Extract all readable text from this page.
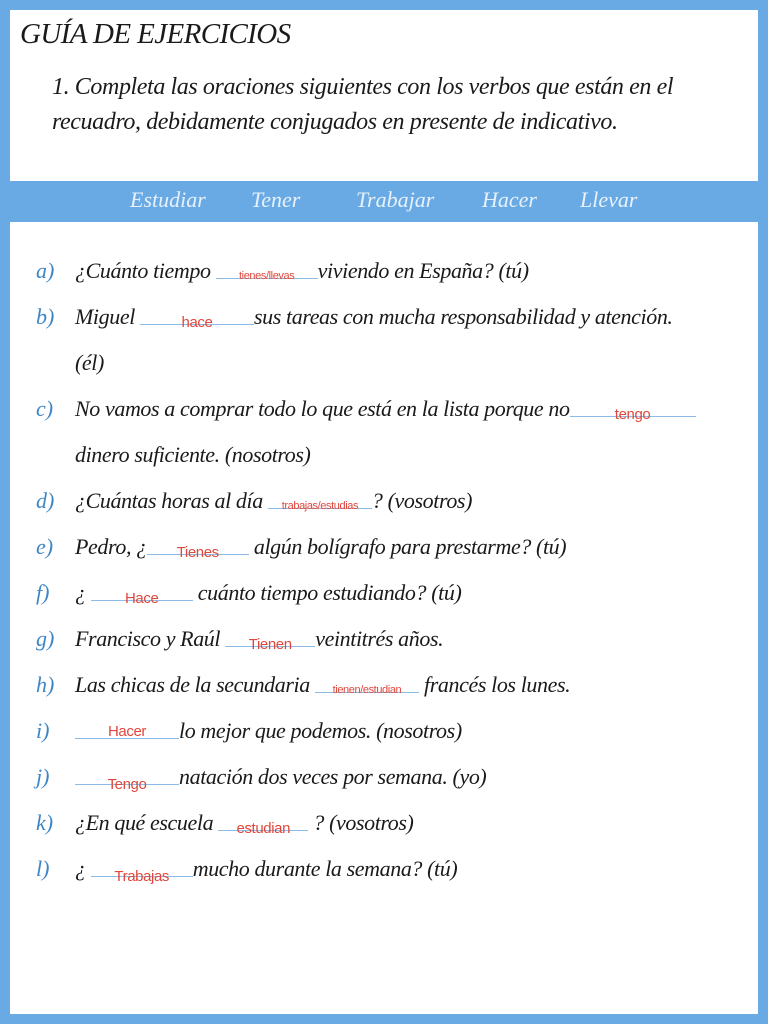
GUÍA DE EJERCICIOS
1. Completa las oraciones siguientes con los verbos que están en el recuadro, debidamente conjugados en presente de indicativo.
Estudiar Tener	Trabajar Hacer Llevar
a) ¿Cuánto tiempo tienes/llevas viviendo en España? (tú)
b) Miguel	hace sus tareas con mucha responsabilidad y atención.
(él)
c) No vamos a comprar todo lo que está en la lista porque no	tengo
dinero suficiente. (nosotros)
d) ¿Cuántas horas al día trabajas/estudias ? (vosotros)
e) Pedro, ¿ Tienes algún bolígrafo para prestarme? (tú)
f) ¿ Hace cuánto tiempo estudiando? (tú)
g) Francisco y Raúl Tienen veintitrés años.
h) Las chicas de la secundaria tienen/estudian francés los lunes.
i)	Hacer lo mejor que podemos. (nosotros)
j)	$_{Tengo}$ natación dos veces por semana. (yo)
k) ¿En qué escuela estudian ? (vosotros)
l) ¿ $_{Trabajas}$ mucho durante la semana? (tú)
